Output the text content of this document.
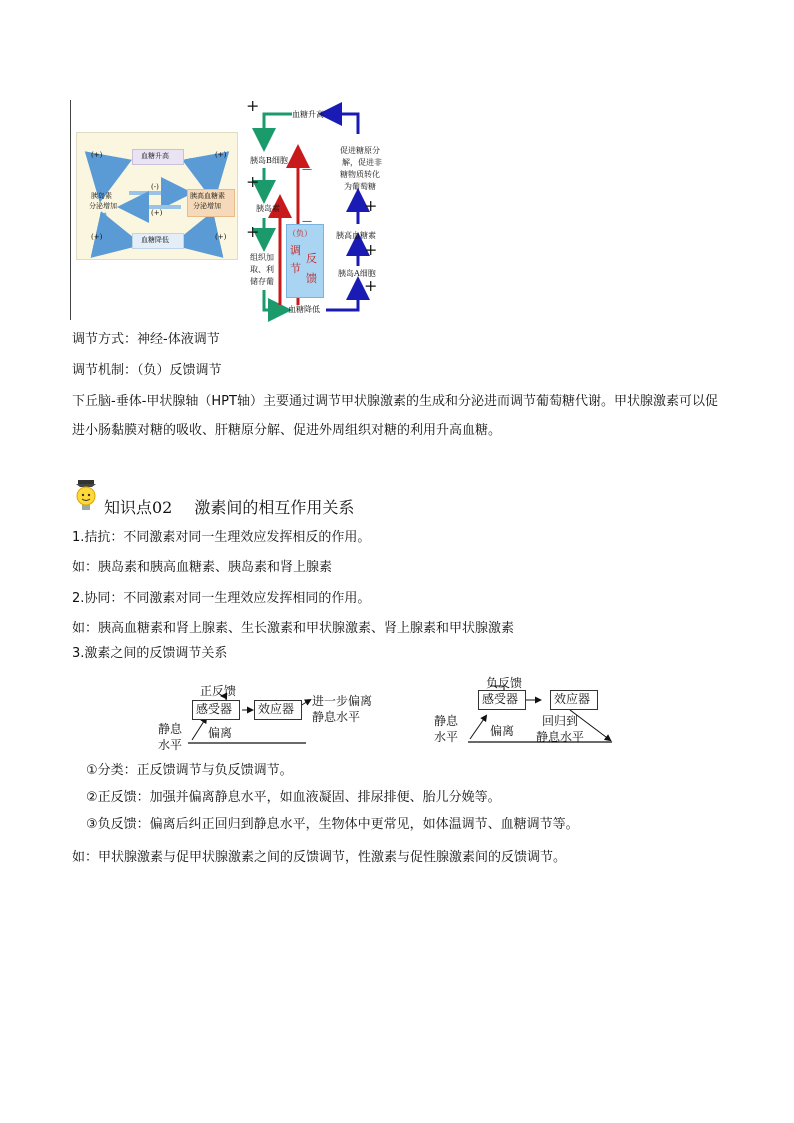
血糖升高
血糖降低
胰岛素
分泌增加
胰高血糖素
分泌增加
(+)
(+)
(-)
(+)
(+)
(+)	（负）
调
节
反
馈
血糖升高
胰岛B细胞
胰岛素
组织加
取、利
储存葡
血糖降低
促进糖原分
解，促进非
糖物质转化
为葡萄糖
胰高血糖素
胰岛A细胞
+
+
+
+
+
+
—
—
调节方式：神经-体液调节
调节机制：（负）反馈调节
下丘脑-垂体-甲状腺轴（HPT轴）主要通过调节甲状腺激素的生成和分泌进而调节葡萄糖代谢。甲状腺激素可以促进小肠黏膜对糖的吸收、肝糖原分解、促进外周组织对糖的利用升高血糖。
知识点02 激素间的相互作用关系
1.拮抗：不同激素对同一生理效应发挥相反的作用。
如：胰岛素和胰高血糖素、胰岛素和肾上腺素
2.协同：不同激素对同一生理效应发挥相同的作用。
如：胰高血糖素和肾上腺素、生长激素和甲状腺激素、肾上腺素和甲状腺激素
3.激素之间的反馈调节关系
正反馈
感受器 效应器
进一步偏离
静息水平
静息
水平
偏离
负反馈
感受器	效应器
回归到
静息水平
静息
水平	偏离
①分类：正反馈调节与负反馈调节。
②正反馈：加强并偏离静息水平，如血液凝固、排尿排便、胎儿分娩等。
③负反馈：偏离后纠正回归到静息水平，生物体中更常见，如体温调节、血糖调节等。
如：甲状腺激素与促甲状腺激素之间的反馈调节，性激素与促性腺激素间的反馈调节。
